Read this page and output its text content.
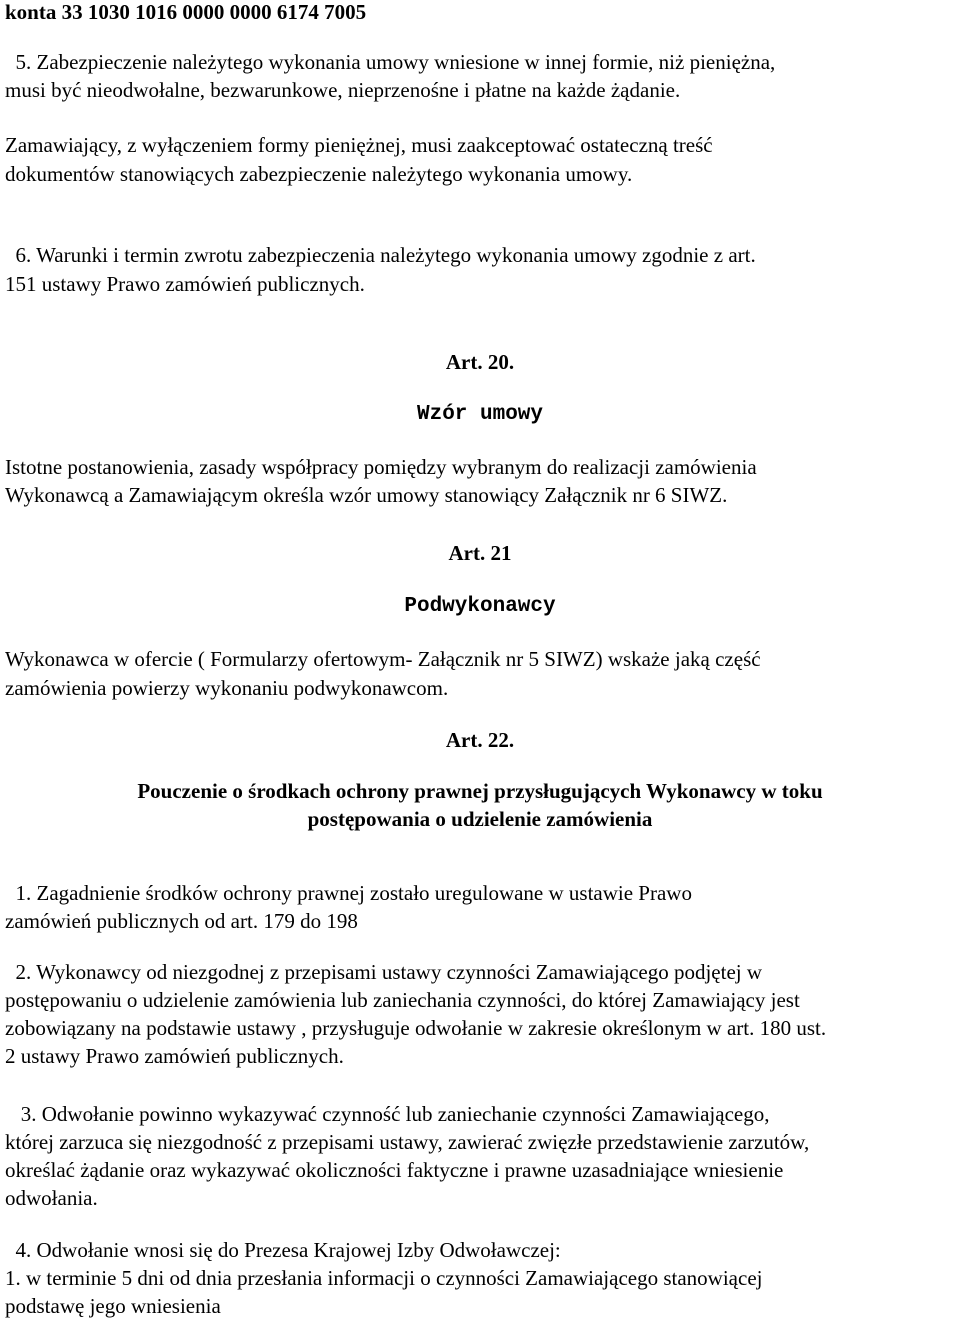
konta 33 1030 1016 0000 0000 6174 7005
5. Zabezpieczenie należytego wykonania umowy wniesione w innej formie, niż pieniężna,
musi być nieodwołalne, bezwarunkowe, nieprzenośne i płatne na każde żądanie.
Zamawiający, z wyłączeniem formy pieniężnej, musi zaakceptować ostateczną treść
dokumentów stanowiących zabezpieczenie należytego wykonania umowy.
6. Warunki i termin zwrotu zabezpieczenia należytego wykonania umowy zgodnie z art.
151 ustawy Prawo zamówień publicznych.
Art. 20.
Wzór umowy
Istotne postanowienia, zasady współpracy pomiędzy wybranym do realizacji zamówienia
Wykonawcą a Zamawiającym określa wzór umowy stanowiący Załącznik nr 6 SIWZ.
Art. 21
Podwykonawcy
Wykonawca w ofercie ( Formularzy ofertowym- Załącznik nr 5 SIWZ) wskaże jaką część
zamówienia powierzy wykonaniu podwykonawcom.
Art. 22.
Pouczenie o środkach ochrony prawnej przysługujących Wykonawcy w toku
postępowania o udzielenie zamówienia
1. Zagadnienie środków ochrony prawnej zostało uregulowane w ustawie Prawo
zamówień publicznych od art. 179 do 198
2. Wykonawcy od niezgodnej z przepisami ustawy czynności Zamawiającego podjętej w
postępowaniu o udzielenie zamówienia lub zaniechania czynności, do której Zamawiający jest
zobowiązany na podstawie ustawy , przysługuje odwołanie w zakresie określonym w art. 180 ust.
2 ustawy Prawo zamówień publicznych.
3. Odwołanie powinno wykazywać czynność lub zaniechanie czynności Zamawiającego,
której zarzuca się niezgodność z przepisami ustawy, zawierać zwięzłe przedstawienie zarzutów,
określać żądanie oraz wykazywać okoliczności faktyczne i prawne uzasadniające wniesienie
odwołania.
4. Odwołanie wnosi się do Prezesa Krajowej Izby Odwoławczej:
1. w terminie 5 dni od dnia przesłania informacji o czynności Zamawiającego stanowiącej
podstawę jego wniesienia
